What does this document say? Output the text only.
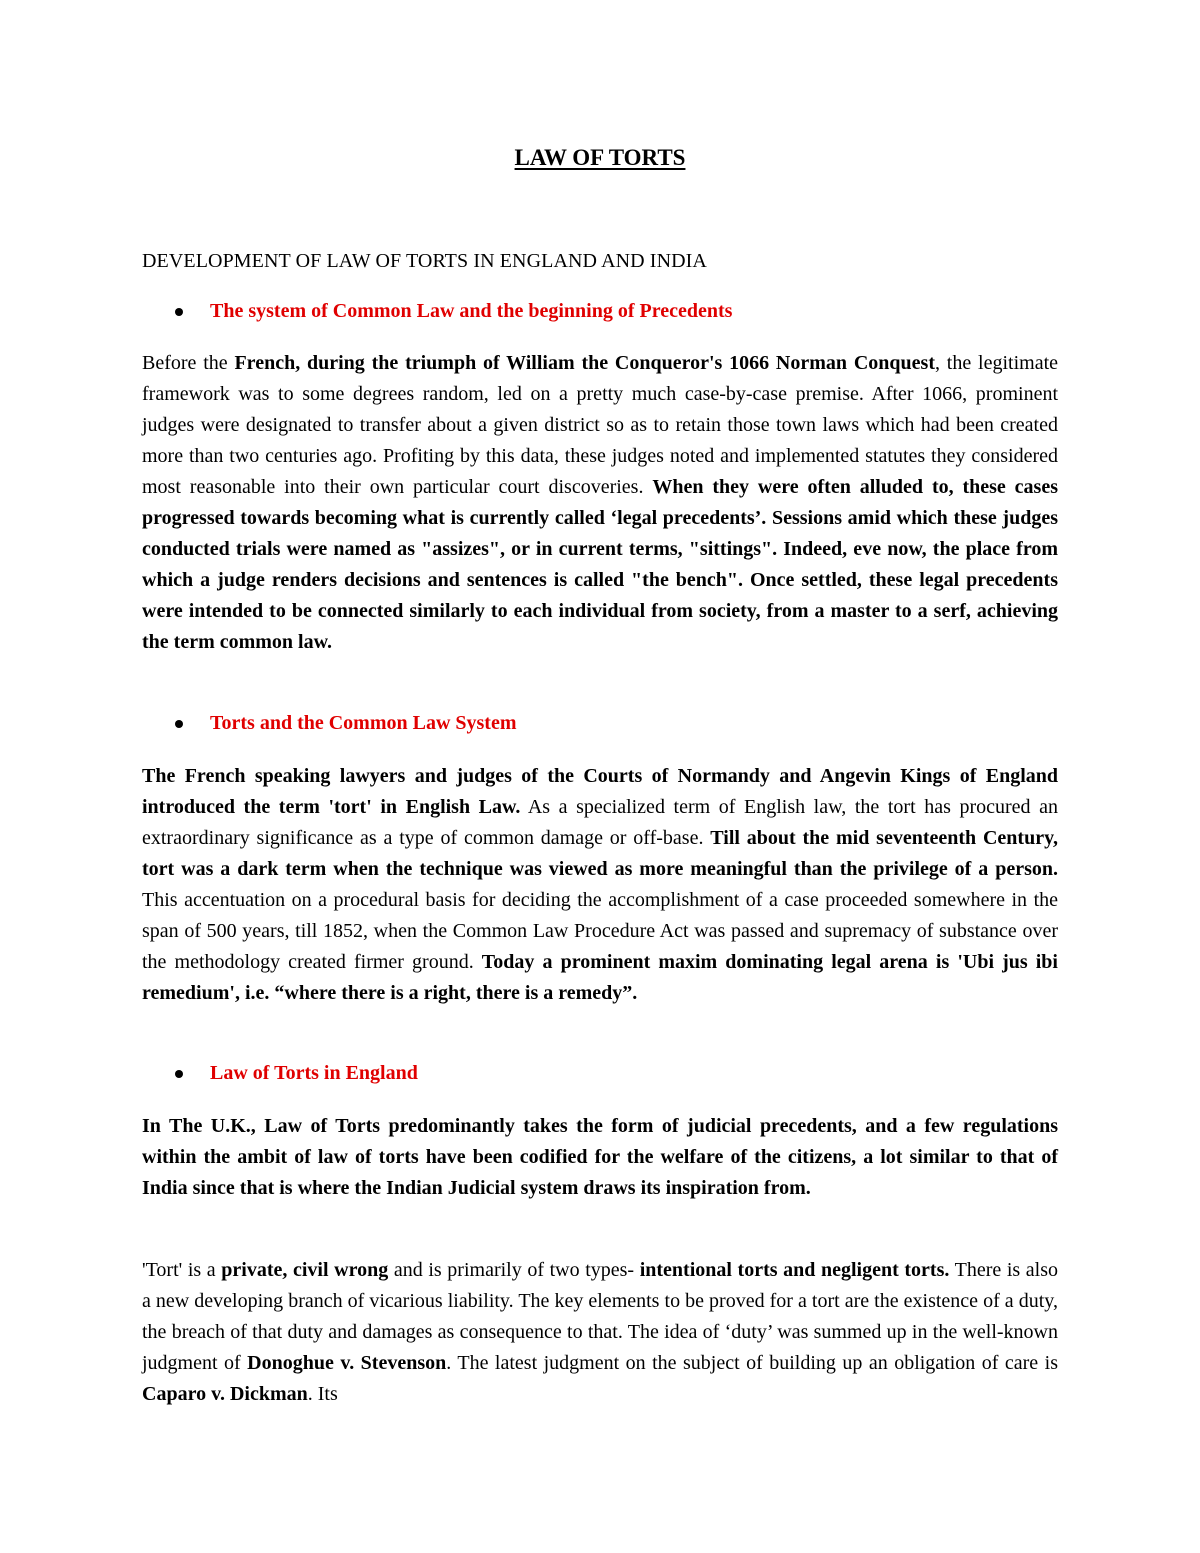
LAW OF TORTS
DEVELOPMENT OF LAW OF TORTS IN ENGLAND AND INDIA
The system of Common Law and the beginning of Precedents
Before the French, during the triumph of William the Conqueror's 1066 Norman Conquest, the legitimate framework was to some degrees random, led on a pretty much case-by-case premise. After 1066, prominent judges were designated to transfer about a given district so as to retain those town laws which had been created more than two centuries ago. Profiting by this data, these judges noted and implemented statutes they considered most reasonable into their own particular court discoveries. When they were often alluded to, these cases progressed towards becoming what is currently called ‘legal precedents’. Sessions amid which these judges conducted trials were named as "assizes", or in current terms, "sittings". Indeed, eve now, the place from which a judge renders decisions and sentences is called "the bench". Once settled, these legal precedents were intended to be connected similarly to each individual from society, from a master to a serf, achieving the term common law.
Torts and the Common Law System
The French speaking lawyers and judges of the Courts of Normandy and Angevin Kings of England introduced the term 'tort' in English Law. As a specialized term of English law, the tort has procured an extraordinary significance as a type of common damage or off-base. Till about the mid seventeenth Century, tort was a dark term when the technique was viewed as more meaningful than the privilege of a person. This accentuation on a procedural basis for deciding the accomplishment of a case proceeded somewhere in the span of 500 years, till 1852, when the Common Law Procedure Act was passed and supremacy of substance over the methodology created firmer ground. Today a prominent maxim dominating legal arena is 'Ubi jus ibi remedium', i.e. “where there is a right, there is a remedy”.
Law of Torts in England
In The U.K., Law of Torts predominantly takes the form of judicial precedents, and a few regulations within the ambit of law of torts have been codified for the welfare of the citizens, a lot similar to that of India since that is where the Indian Judicial system draws its inspiration from.
'Tort' is a private, civil wrong and is primarily of two types- intentional torts and negligent torts. There is also a new developing branch of vicarious liability. The key elements to be proved for a tort are the existence of a duty, the breach of that duty and damages as consequence to that. The idea of ‘duty’ was summed up in the well-known judgment of Donoghue v. Stevenson. The latest judgment on the subject of building up an obligation of care is Caparo v. Dickman. Its
